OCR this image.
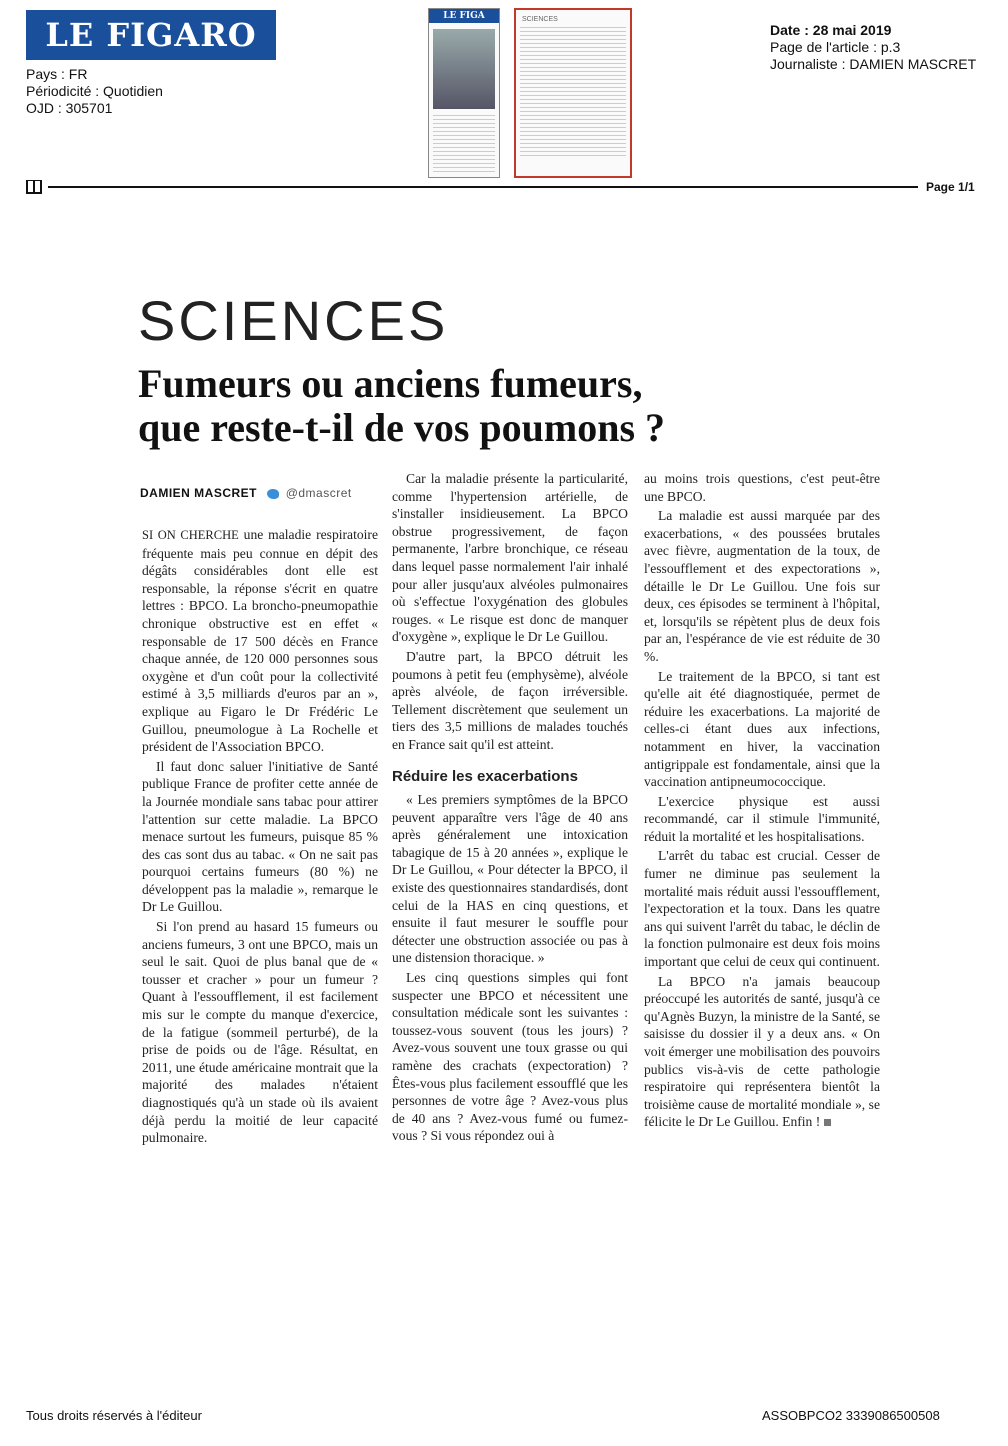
LE FIGARO
Pays : FR
Périodicité : Quotidien
OJD : 305701
LE FIGA	SCIENCES
Date : 28 mai 2019
Page de l'article : p.3
Journaliste : DAMIEN MASCRET
Page 1/1
SCIENCES
Fumeurs ou anciens fumeurs,
que reste-t-il de vos poumons ?
DAMIEN MASCRET @dmascret

SI ON CHERCHE une maladie respiratoire fréquente mais peu connue en dépit des dégâts considérables dont elle est responsable, la réponse s'écrit en quatre lettres : BPCO. La broncho-pneumopathie chronique obstructive est en effet « responsable de 17 500 décès en France chaque année, de 120 000 personnes sous oxygène et d'un coût pour la collectivité estimé à 3,5 milliards d'euros par an », explique au Figaro le Dr Frédéric Le Guillou, pneumologue à La Rochelle et président de l'Association BPCO.

Il faut donc saluer l'initiative de Santé publique France de profiter cette année de la Journée mondiale sans tabac pour attirer l'attention sur cette maladie. La BPCO menace surtout les fumeurs, puisque 85 % des cas sont dus au tabac. « On ne sait pas pourquoi certains fumeurs (80 %) ne développent pas la maladie », remarque le Dr Le Guillou.

Si l'on prend au hasard 15 fumeurs ou anciens fumeurs, 3 ont une BPCO, mais un seul le sait. Quoi de plus banal que de « tousser et cracher » pour un fumeur ? Quant à l'essoufflement, il est facilement mis sur le compte du manque d'exercice, de la fatigue (sommeil perturbé), de la prise de poids ou de l'âge. Résultat, en 2011, une étude américaine montrait que la majorité des malades n'étaient diagnostiqués qu'à un stade où ils avaient déjà perdu la moitié de leur capacité pulmonaire.

Car la maladie présente la particularité, comme l'hypertension artérielle, de s'installer insidieusement. La BPCO obstrue progressivement, de façon permanente, l'arbre bronchique, ce réseau dans lequel passe normalement l'air inhalé pour aller jusqu'aux alvéoles pulmonaires où s'effectue l'oxygénation des globules rouges. « Le risque est donc de manquer d'oxygène », explique le Dr Le Guillou.

D'autre part, la BPCO détruit les poumons à petit feu (emphysème), alvéole après alvéole, de façon irréversible. Tellement discrètement que seulement un tiers des 3,5 millions de malades touchés en France sait qu'il est atteint.

Réduire les exacerbations

« Les premiers symptômes de la BPCO peuvent apparaître vers l'âge de 40 ans après généralement une intoxication tabagique de 15 à 20 années », explique le Dr Le Guillou, « Pour détecter la BPCO, il existe des questionnaires standardisés, dont celui de la HAS en cinq questions, et ensuite il faut mesurer le souffle pour détecter une obstruction associée ou pas à une distension thoracique. »

Les cinq questions simples qui font suspecter une BPCO et nécessitent une consultation médicale sont les suivantes : toussez-vous souvent (tous les jours) ? Avez-vous souvent une toux grasse ou qui ramène des crachats (expectoration) ? Êtes-vous plus facilement essoufflé que les personnes de votre âge ? Avez-vous plus de 40 ans ? Avez-vous fumé ou fumez-vous ? Si vous répondez oui à

au moins trois questions, c'est peut-être une BPCO.

La maladie est aussi marquée par des exacerbations, « des poussées brutales avec fièvre, augmentation de la toux, de l'essoufflement et des expectorations », détaille le Dr Le Guillou. Une fois sur deux, ces épisodes se terminent à l'hôpital, et, lorsqu'ils se répètent plus de deux fois par an, l'espérance de vie est réduite de 30 %.

Le traitement de la BPCO, si tant est qu'elle ait été diagnostiquée, permet de réduire les exacerbations. La majorité de celles-ci étant dues aux infections, notamment en hiver, la vaccination antigrippale est fondamentale, ainsi que la vaccination antipneumococcique.

L'exercice physique est aussi recommandé, car il stimule l'immunité, réduit la mortalité et les hospitalisations.

L'arrêt du tabac est crucial. Cesser de fumer ne diminue pas seulement la mortalité mais réduit aussi l'essoufflement, l'expectoration et la toux. Dans les quatre ans qui suivent l'arrêt du tabac, le déclin de la fonction pulmonaire est deux fois moins important que celui de ceux qui continuent.

La BPCO n'a jamais beaucoup préoccupé les autorités de santé, jusqu'à ce qu'Agnès Buzyn, la ministre de la Santé, se saisisse du dossier il y a deux ans. « On voit émerger une mobilisation des pouvoirs publics vis-à-vis de cette pathologie respiratoire qui représentera bientôt la troisième cause de mortalité mondiale », se félicite le Dr Le Guillou. Enfin !

Tous droits réservés à l'éditeur	ASSOBPCO2 3339086500508
